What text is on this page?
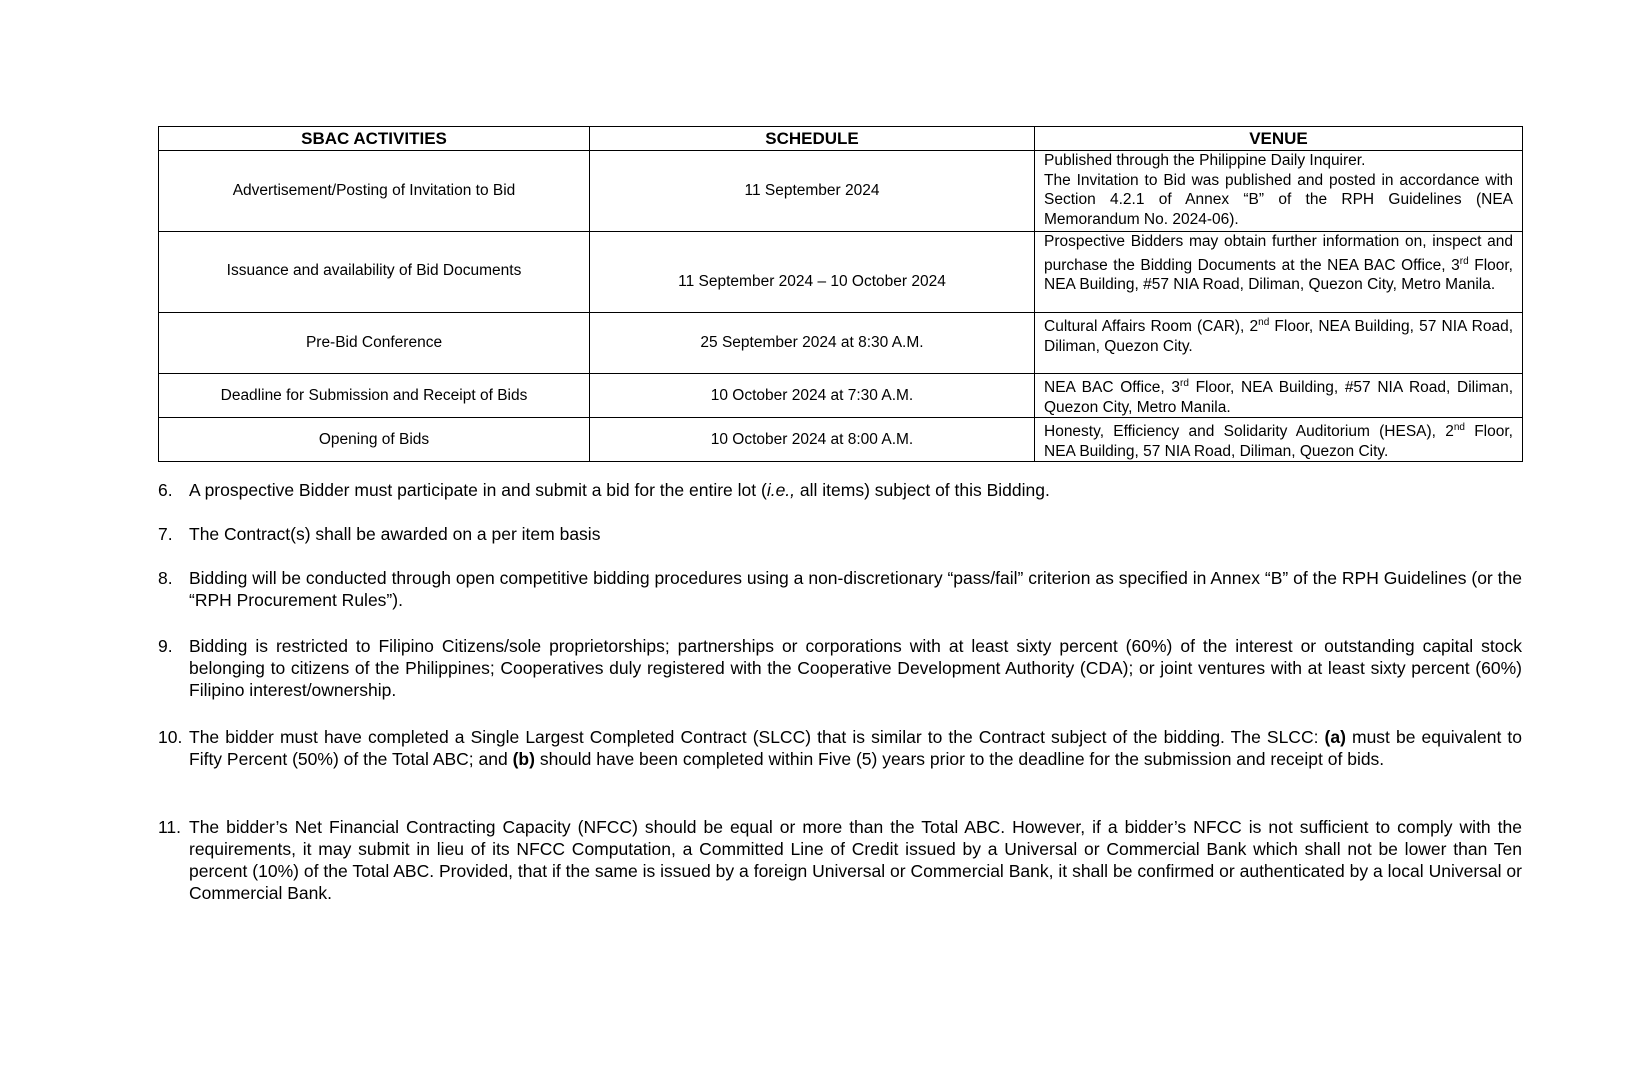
SBAC ACTIVITIES	SCHEDULE	VENUE
Advertisement/Posting of Invitation to Bid	11 September 2024	Published through the Philippine Daily Inquirer.
The Invitation to Bid was published and posted in accordance with Section 4.2.1 of Annex “B” of the RPH Guidelines (NEA Memorandum No. 2024-06).

Issuance and availability of Bid Documents	11 September 2024 – 10 October 2024	Prospective Bidders may obtain further information on, inspect and purchase the Bidding Documents at the NEA BAC Office, 3rd Floor, NEA Building, #57 NIA Road, Diliman, Quezon City, Metro Manila.
Pre-Bid Conference	25 September 2024 at 8:30 A.M.	Cultural Affairs Room (CAR), 2nd Floor, NEA Building, 57 NIA Road, Diliman, Quezon City.
Deadline for Submission and Receipt of Bids	10 October 2024 at 7:30 A.M.	NEA BAC Office, 3rd Floor, NEA Building, #57 NIA Road, Diliman, Quezon City, Metro Manila.
Opening of Bids	10 October 2024 at 8:00 A.M.	Honesty, Efficiency and Solidarity Auditorium (HESA), 2nd Floor, NEA Building, 57 NIA Road, Diliman, Quezon City.
6. A prospective Bidder must participate in and submit a bid for the entire lot (i.e., all items) subject of this Bidding.
7. The Contract(s) shall be awarded on a per item basis
8. Bidding will be conducted through open competitive bidding procedures using a non-discretionary “pass/fail” criterion as specified in Annex “B” of the RPH Guidelines (or the “RPH Procurement Rules”).
9. Bidding is restricted to Filipino Citizens/sole proprietorships; partnerships or corporations with at least sixty percent (60%) of the interest or outstanding capital stock belonging to citizens of the Philippines; Cooperatives duly registered with the Cooperative Development Authority (CDA); or joint ventures with at least sixty percent (60%) Filipino interest/ownership.
10. The bidder must have completed a Single Largest Completed Contract (SLCC) that is similar to the Contract subject of the bidding. The SLCC: (a) must be equivalent to Fifty Percent (50%) of the Total ABC; and (b) should have been completed within Five (5) years prior to the deadline for the submission and receipt of bids.
11. The bidder’s Net Financial Contracting Capacity (NFCC) should be equal or more than the Total ABC. However, if a bidder’s NFCC is not sufficient to comply with the requirements, it may submit in lieu of its NFCC Computation, a Committed Line of Credit issued by a Universal or Commercial Bank which shall not be lower than Ten percent (10%) of the Total ABC. Provided, that if the same is issued by a foreign Universal or Commercial Bank, it shall be confirmed or authenticated by a local Universal or Commercial Bank.
